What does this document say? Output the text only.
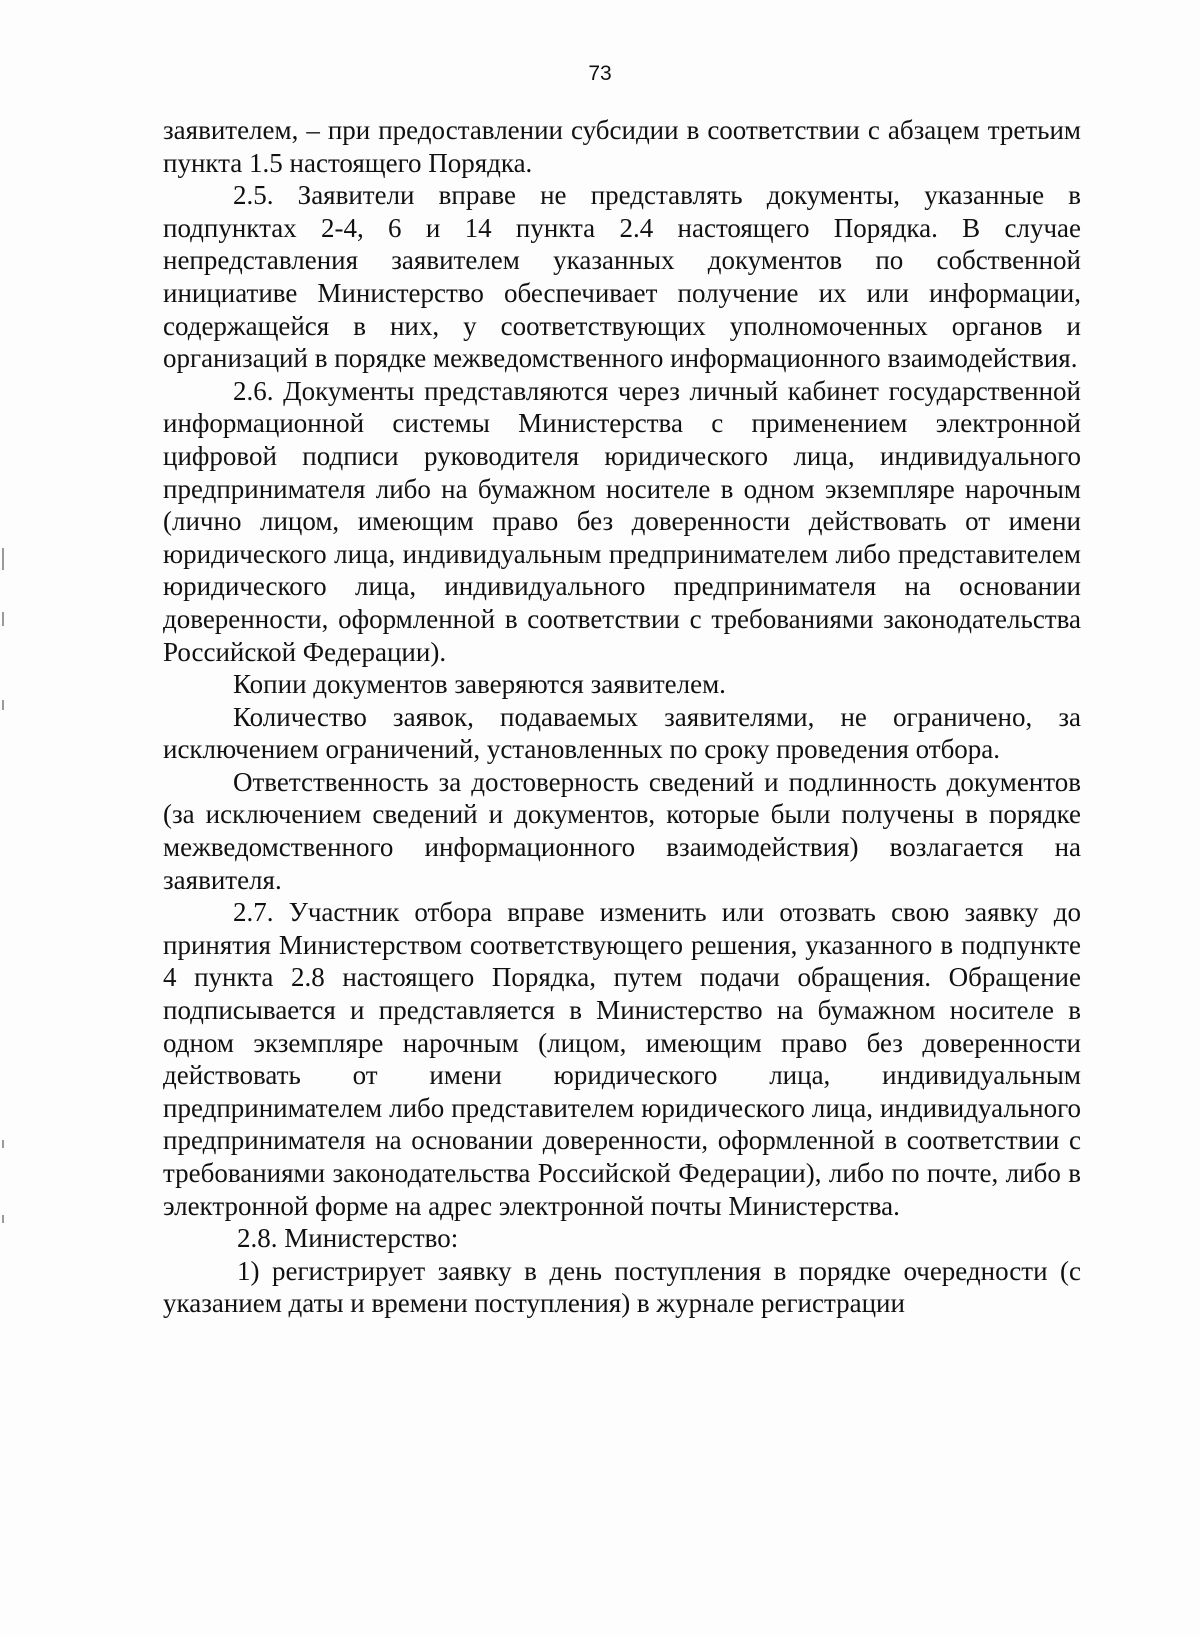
73

заявителем, – при предоставлении субсидии в соответствии с абзацем третьим пункта 1.5 настоящего Порядка.

2.5. Заявители вправе не представлять документы, указанные в подпунктах 2-4, 6 и 14 пункта 2.4 настоящего Порядка. В случае непредставления заявителем указанных документов по собственной инициативе Министерство обеспечивает получение их или информации, содержащейся в них, у соответствующих уполномоченных органов и организаций в порядке межведомственного информационного взаимодействия.

2.6. Документы представляются через личный кабинет государственной информационной системы Министерства с применением электронной цифровой подписи руководителя юридического лица, индивидуального предпринимателя либо на бумажном носителе в одном экземпляре нарочным (лично лицом, имеющим право без доверенности действовать от имени юридического лица, индивидуальным предпринимателем либо представителем юридического лица, индивидуального предпринимателя на основании доверенности, оформленной в соответствии с требованиями законодательства Российской Федерации).

Копии документов заверяются заявителем.

Количество заявок, подаваемых заявителями, не ограничено, за исключением ограничений, установленных по сроку проведения отбора.

Ответственность за достоверность сведений и подлинность документов (за исключением сведений и документов, которые были получены в порядке межведомственного информационного взаимодействия) возлагается на заявителя.

2.7. Участник отбора вправе изменить или отозвать свою заявку до принятия Министерством соответствующего решения, указанного в подпункте 4 пункта 2.8 настоящего Порядка, путем подачи обращения. Обращение подписывается и представляется в Министерство на бумажном носителе в одном экземпляре нарочным (лицом, имеющим право без доверенности действовать от имени юридического лица, индивидуальным предпринимателем либо представителем юридического лица, индивидуального предпринимателя на основании доверенности, оформленной в соответствии с требованиями законодательства Российской Федерации), либо по почте, либо в электронной форме на адрес электронной почты Министерства.

2.8. Министерство:

1) регистрирует заявку в день поступления в порядке очередности (с указанием даты и времени поступления) в журнале регистрации
